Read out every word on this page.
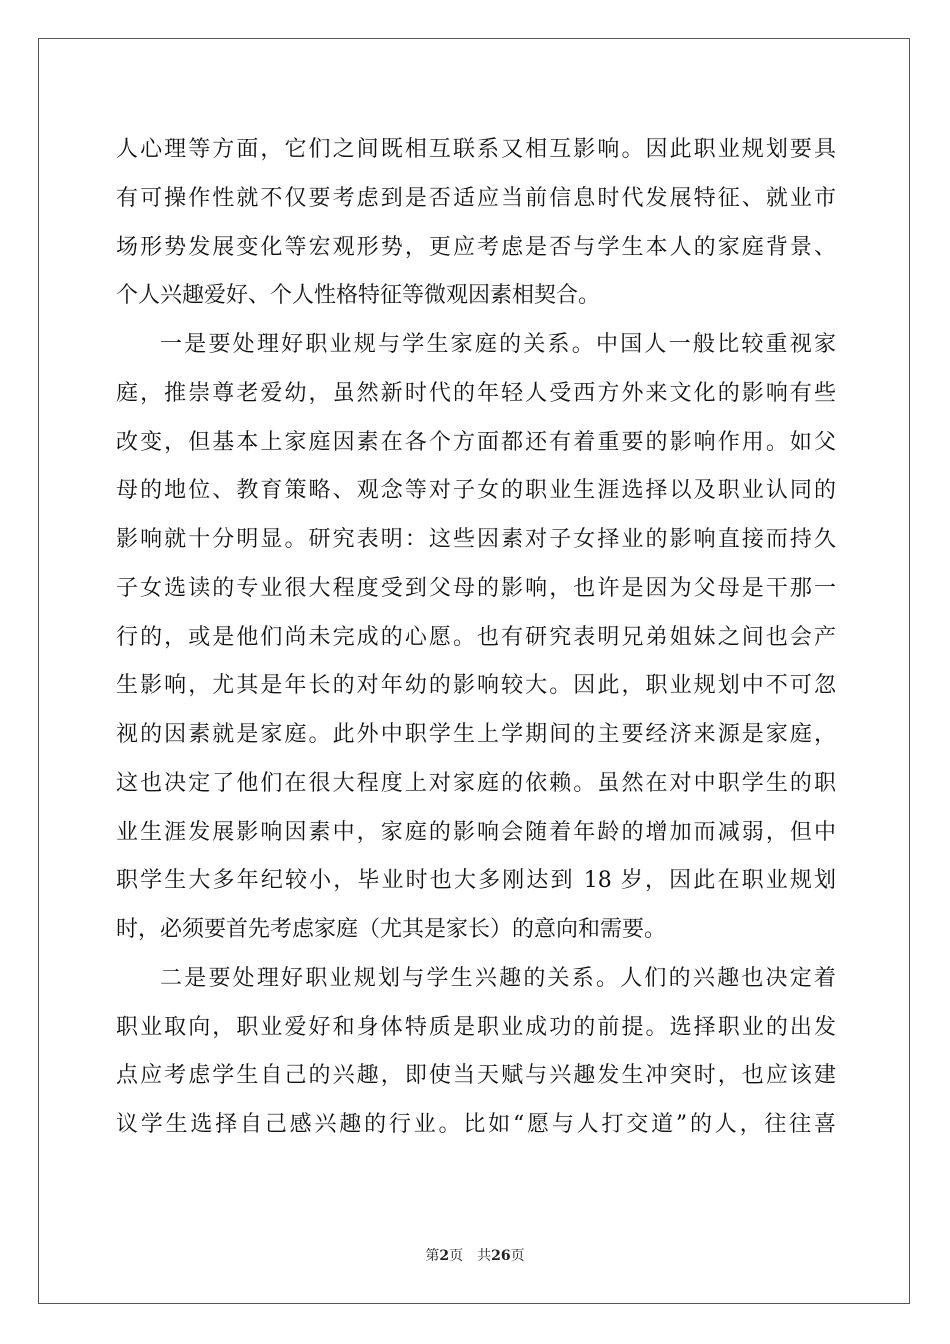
人心理等方面，它们之间既相互联系又相互影响。因此职业规划要具
有可操作性就不仅要考虑到是否适应当前信息时代发展特征、就业市
场形势发展变化等宏观形势，更应考虑是否与学生本人的家庭背景、
个人兴趣爱好、个人性格特征等微观因素相契合。
一是要处理好职业规与学生家庭的关系。中国人一般比较重视家
庭，推崇尊老爱幼，虽然新时代的年轻人受西方外来文化的影响有些
改变，但基本上家庭因素在各个方面都还有着重要的影响作用。如父
母的地位、教育策略、观念等对子女的职业生涯选择以及职业认同的
影响就十分明显。研究表明：这些因素对子女择业的影响直接而持久
子女选读的专业很大程度受到父母的影响，也许是因为父母是干那一
行的，或是他们尚未完成的心愿。也有研究表明兄弟姐妹之间也会产
生影响，尤其是年长的对年幼的影响较大。因此，职业规划中不可忽
视的因素就是家庭。此外中职学生上学期间的主要经济来源是家庭，
这也决定了他们在很大程度上对家庭的依赖。虽然在对中职学生的职
业生涯发展影响因素中，家庭的影响会随着年龄的增加而减弱，但中
职学生大多年纪较小，毕业时也大多刚达到 18 岁，因此在职业规划
时，必须要首先考虑家庭（尤其是家长）的意向和需要。
二是要处理好职业规划与学生兴趣的关系。人们的兴趣也决定着
职业取向，职业爱好和身体特质是职业成功的前提。选择职业的出发
点应考虑学生自己的兴趣，即使当天赋与兴趣发生冲突时，也应该建
议学生选择自己感兴趣的行业。比如“愿与人打交道”的人，往往喜
第2页 共26页
